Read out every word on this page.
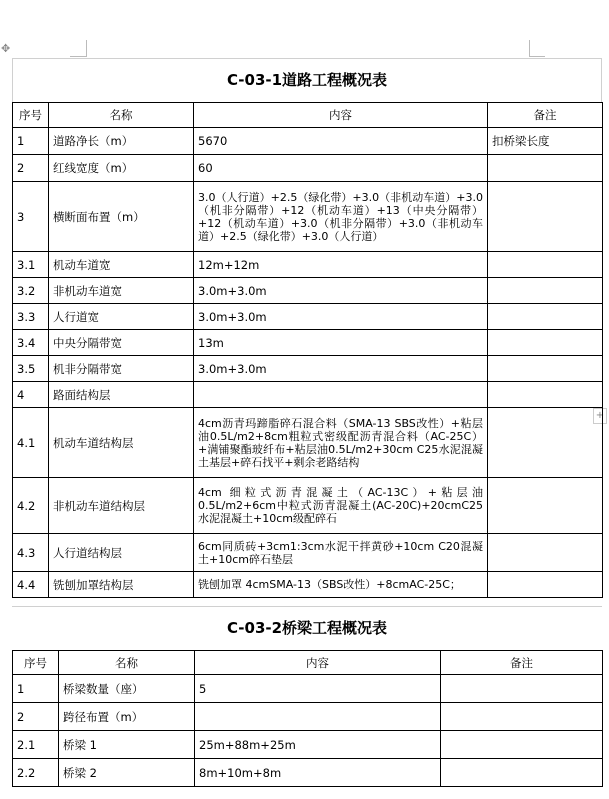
✥
+
C-03-1道路工程概况表
序号	名称	内容	备注
1	道路净长（m）	5670	扣桥梁长度
2	红线宽度（m）	60	
3	横断面布置（m）	3.0（人行道）+2.5（绿化带）+3.0（非机动车道）+3.0（机非分隔带）+12（机动车道）+13（中央分隔带）+12（机动车道）+3.0（机非分隔带）+3.0（非机动车道）+2.5（绿化带）+3.0（人行道）	
3.1	机动车道宽	12m+12m	
3.2	非机动车道宽	3.0m+3.0m	
3.3	人行道宽	3.0m+3.0m	
3.4	中央分隔带宽	13m	
3.5	机非分隔带宽	3.0m+3.0m	
4	路面结构层		
4.1	机动车道结构层	4cm沥青玛蹄脂碎石混合料（SMA-13 SBS改性）+粘层油0.5L/m2+8cm粗粒式密级配沥青混合料（AC-25C）+满铺聚酯玻纤布+粘层油0.5L/m2+30cm C25水泥混凝土基层+碎石找平+剩余老路结构	
4.2	非机动车道结构层	4cm 细粒式沥青混凝土（AC-13C）+粘层油0.5L/m2+6cm中粒式沥青混凝土(AC-20C)+20cmC25水泥混凝土+10cm级配碎石	
4.3	人行道结构层	6cm同质砖+3cm1:3cm水泥干拌黄砂+10cm C20混凝土+10cm碎石垫层	
4.4	铣刨加罩结构层	铣刨加罩 4cmSMA-13（SBS改性）+8cmAC-25C；	
C-03-2桥梁工程概况表
序号	名称	内容	备注
1	桥梁数量（座）	5	
2	跨径布置（m）		
2.1	桥梁 1	25m+88m+25m	
2.2	桥梁 2	8m+10m+8m	
